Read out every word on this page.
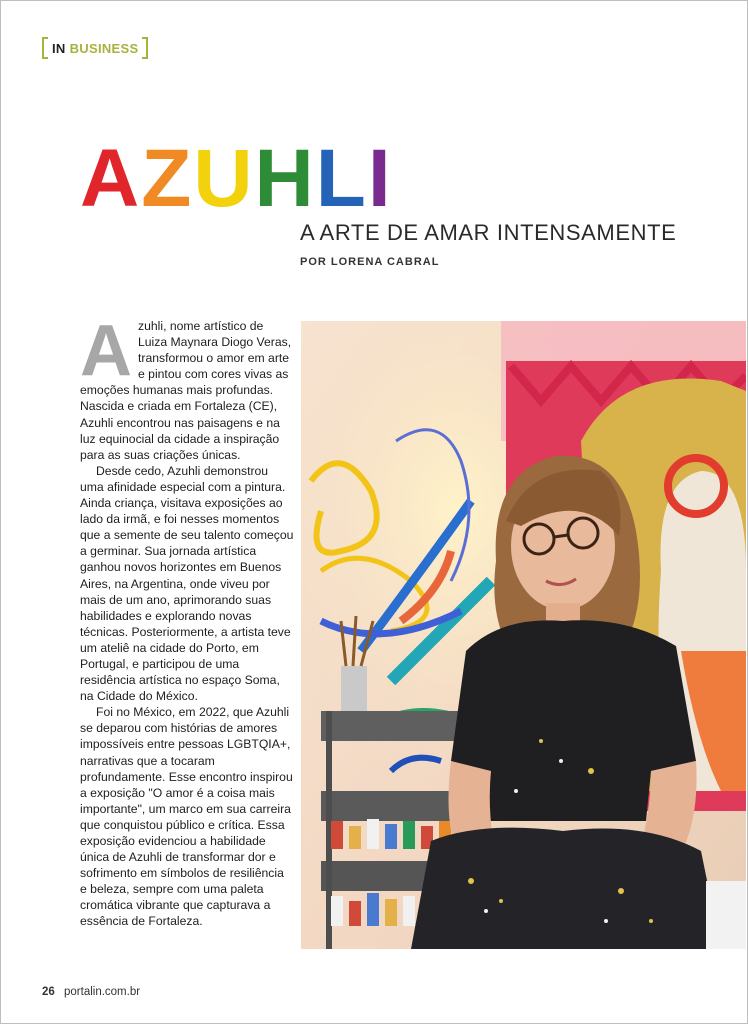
IN BUSINESS
A Z U H L I
A ARTE DE AMAR INTENSAMENTE
POR LORENA CABRAL

Azuhli, nome artístico de Luiza Maynara Diogo Veras, transformou o amor em arte e pintou com cores vivas as emoções humanas mais profundas. Nascida e criada em Fortaleza (CE), Azuhli encontrou nas paisagens e na luz equinocial da cidade a inspiração para as suas criações únicas.

Desde cedo, Azuhli demonstrou uma afinidade especial com a pintura. Ainda criança, visitava exposições ao lado da irmã, e foi nesses momentos que a semente de seu talento começou a germinar. Sua jornada artística ganhou novos horizontes em Buenos Aires, na Argentina, onde viveu por mais de um ano, aprimorando suas habilidades e explorando novas técnicas. Posteriormente, a artista teve um ateliê na cidade do Porto, em Portugal, e participou de uma residência artística no espaço Soma, na Cidade do México.

Foi no México, em 2022, que Azuhli se deparou com histórias de amores impossíveis entre pessoas LGBTQIA+, narrativas que a tocaram profundamente. Esse encontro inspirou a exposição "O amor é a coisa mais importante", um marco em sua carreira que conquistou público e crítica. Essa exposição evidenciou a habilidade única de Azuhli de transformar dor e sofrimento em símbolos de resiliência e beleza, sempre com uma paleta cromática vibrante que capturava a essência de Fortaleza.

26 portalin.com.br
